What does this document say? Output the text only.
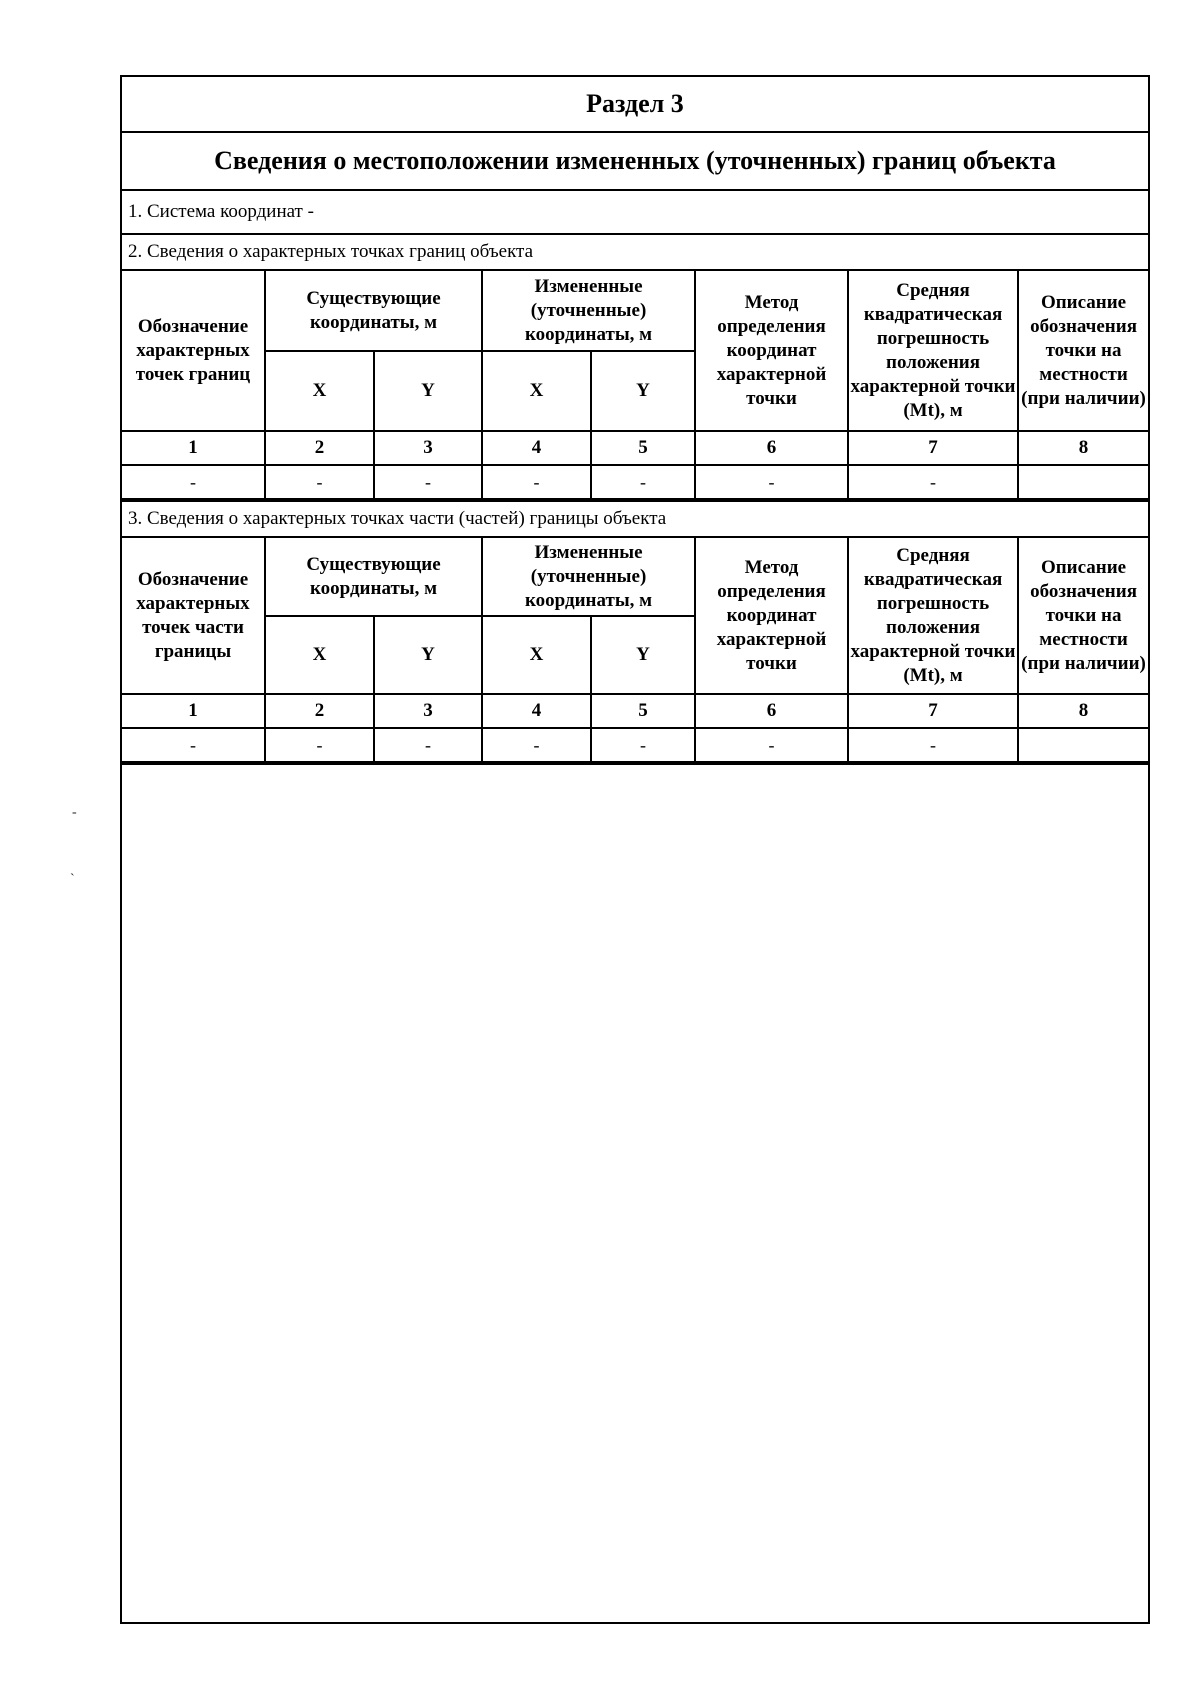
Раздел 3
Сведения о местоположении измененных (уточненных) границ объекта
1. Система координат -
2. Сведения о характерных точках границ объекта
Обозначение характерных точек границ	Существующие координаты, м		Измененные (уточненные) координаты, м		Метод определения координат характерной точки	Средняя квадратическая погрешность положения характерной точки (Mt), м	Описание обозначения точки на местности (при наличии)
	X	Y	X	Y			
1	2	3	4	5	6	7	8
-	-	-	-	-	-	-	
3. Сведения о характерных точках части (частей) границы объекта
Обозначение характерных точек части границы	Существующие координаты, м		Измененные (уточненные) координаты, м		Метод определения координат характерной точки	Средняя квадратическая погрешность положения характерной точки (Mt), м	Описание обозначения точки на местности (при наличии)
	X	Y	X	Y			
1	2	3	4	5	6	7	8
-	-	-	-	-	-	-	
-
`
